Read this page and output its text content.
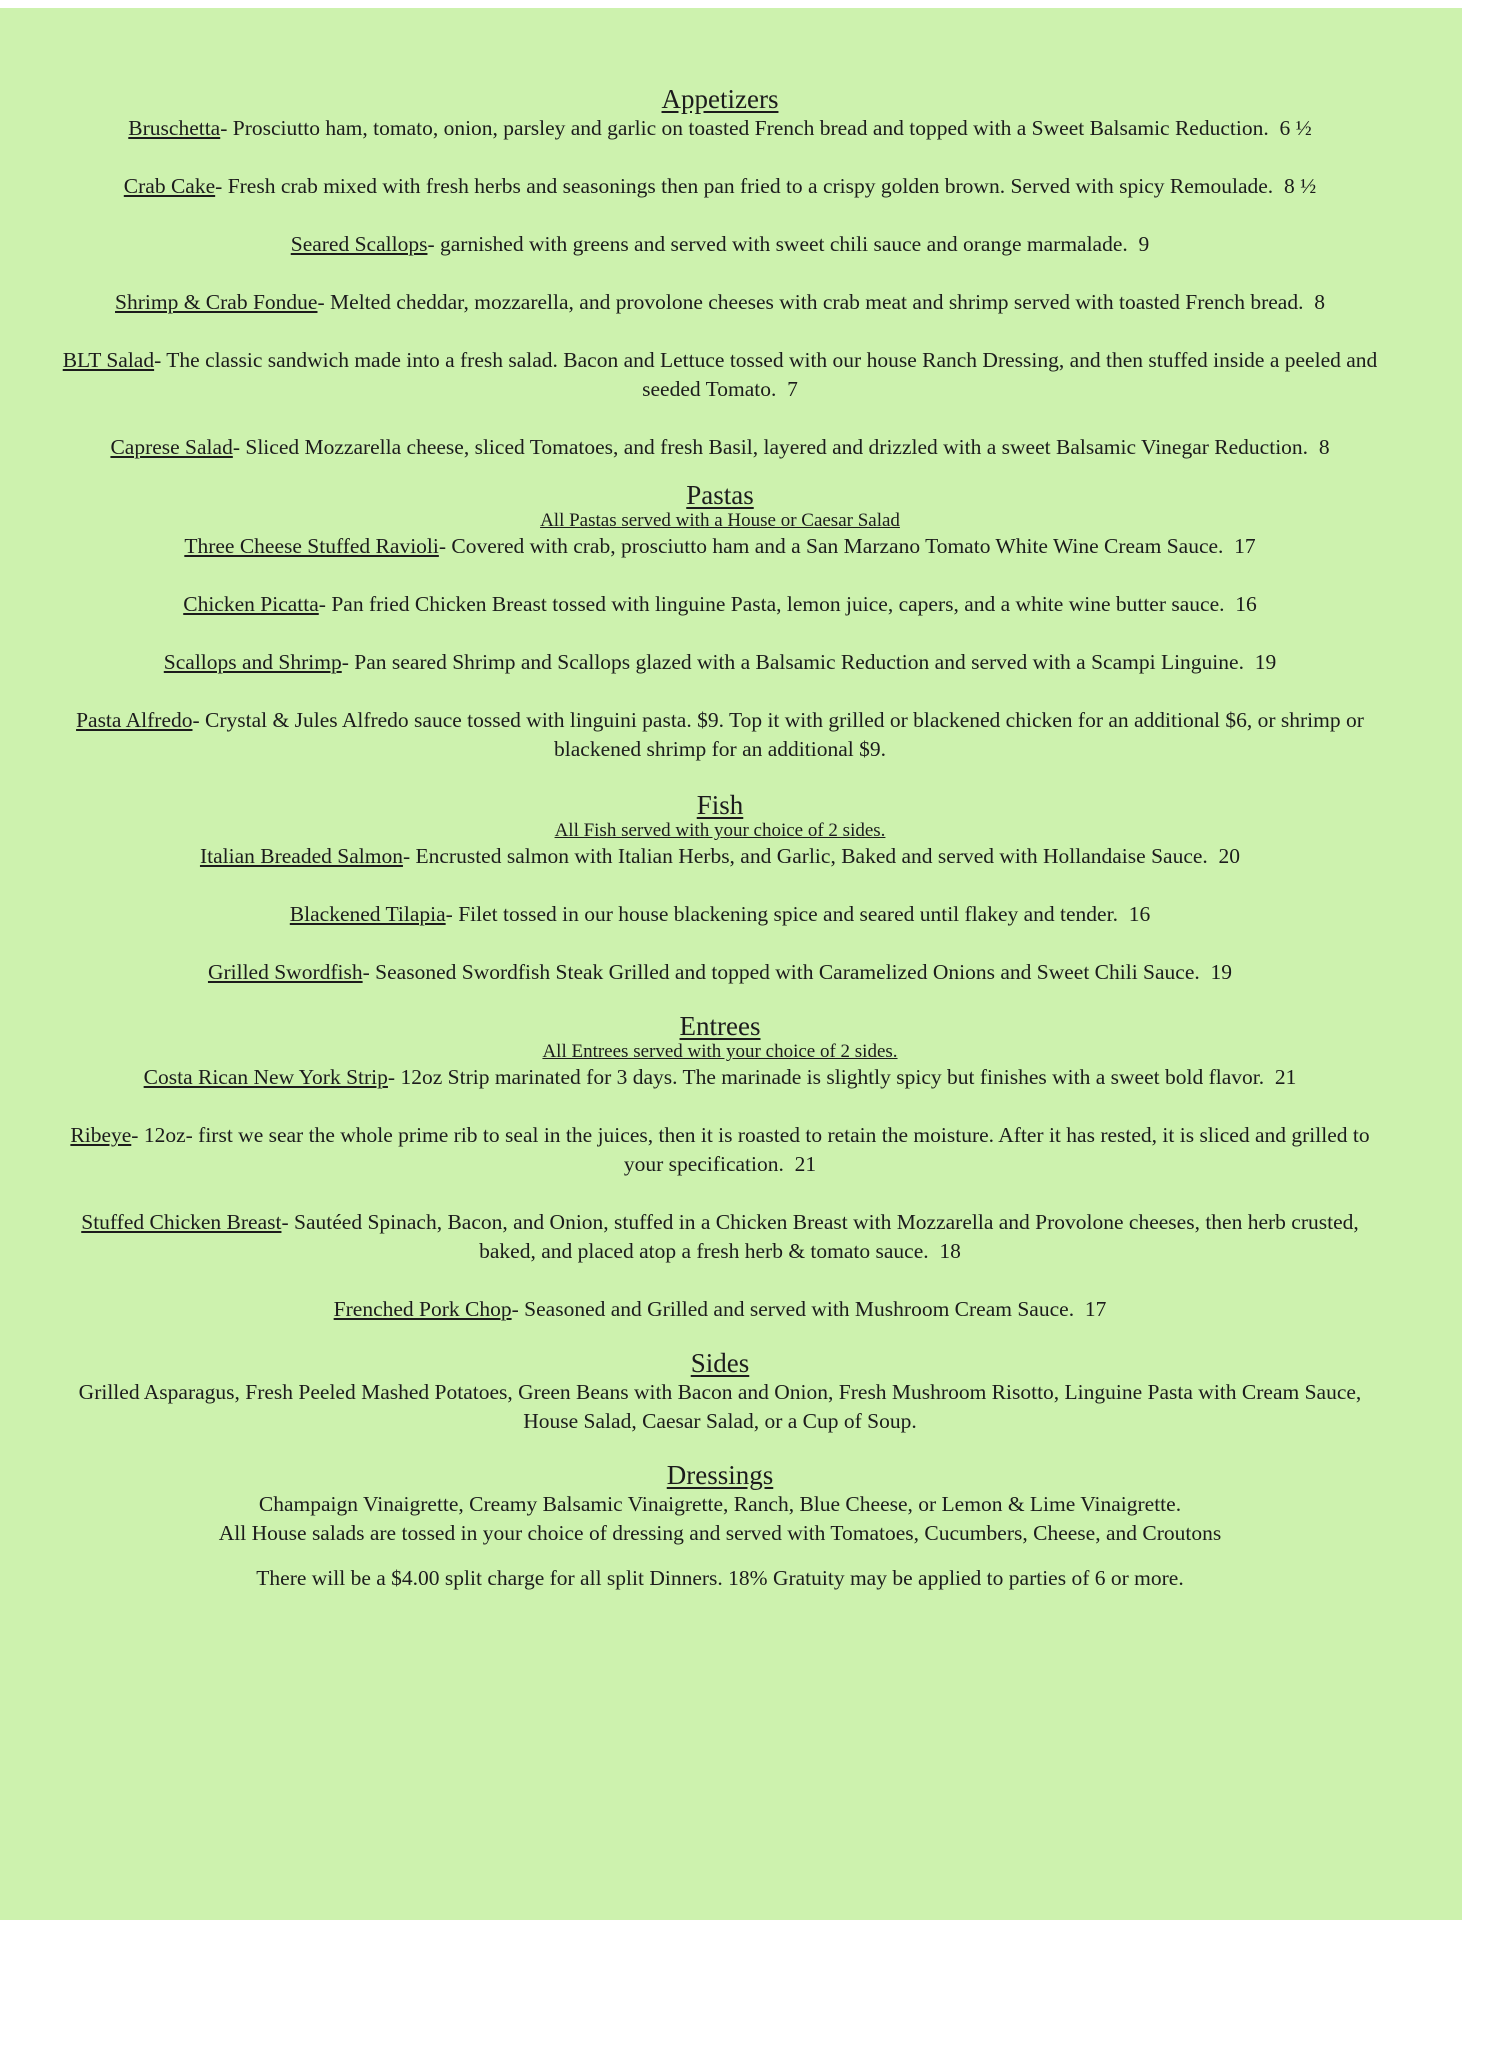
Appetizers

Bruschetta- Prosciutto ham, tomato, onion, parsley and garlic on toasted French bread and topped with a Sweet Balsamic Reduction. 6 ½

Crab Cake- Fresh crab mixed with fresh herbs and seasonings then pan fried to a crispy golden brown. Served with spicy Remoulade. 8 ½

Seared Scallops- garnished with greens and served with sweet chili sauce and orange marmalade. 9

Shrimp & Crab Fondue- Melted cheddar, mozzarella, and provolone cheeses with crab meat and shrimp served with toasted French bread. 8

BLT Salad- The classic sandwich made into a fresh salad. Bacon and Lettuce tossed with our house Ranch Dressing, and then stuffed inside a peeled and seeded Tomato. 7

Caprese Salad- Sliced Mozzarella cheese, sliced Tomatoes, and fresh Basil, layered and drizzled with a sweet Balsamic Vinegar Reduction. 8

Pastas

All Pastas served with a House or Caesar Salad

Three Cheese Stuffed Ravioli- Covered with crab, prosciutto ham and a San Marzano Tomato White Wine Cream Sauce. 17

Chicken Picatta- Pan fried Chicken Breast tossed with linguine Pasta, lemon juice, capers, and a white wine butter sauce. 16

Scallops and Shrimp- Pan seared Shrimp and Scallops glazed with a Balsamic Reduction and served with a Scampi Linguine. 19

Pasta Alfredo- Crystal & Jules Alfredo sauce tossed with linguini pasta. $9. Top it with grilled or blackened chicken for an additional $6, or shrimp or blackened shrimp for an additional $9.

Fish

All Fish served with your choice of 2 sides.

Italian Breaded Salmon- Encrusted salmon with Italian Herbs, and Garlic, Baked and served with Hollandaise Sauce. 20

Blackened Tilapia- Filet tossed in our house blackening spice and seared until flakey and tender. 16

Grilled Swordfish- Seasoned Swordfish Steak Grilled and topped with Caramelized Onions and Sweet Chili Sauce. 19

Entrees

All Entrees served with your choice of 2 sides.

Costa Rican New York Strip- 12oz Strip marinated for 3 days. The marinade is slightly spicy but finishes with a sweet bold flavor. 21

Ribeye- 12oz- first we sear the whole prime rib to seal in the juices, then it is roasted to retain the moisture. After it has rested, it is sliced and grilled to your specification. 21

Stuffed Chicken Breast- Sautéed Spinach, Bacon, and Onion, stuffed in a Chicken Breast with Mozzarella and Provolone cheeses, then herb crusted, baked, and placed atop a fresh herb & tomato sauce. 18

Frenched Pork Chop- Seasoned and Grilled and served with Mushroom Cream Sauce. 17

Sides

Grilled Asparagus, Fresh Peeled Mashed Potatoes, Green Beans with Bacon and Onion, Fresh Mushroom Risotto, Linguine Pasta with Cream Sauce, House Salad, Caesar Salad, or a Cup of Soup.

Dressings

Champaign Vinaigrette, Creamy Balsamic Vinaigrette, Ranch, Blue Cheese, or Lemon & Lime Vinaigrette.

All House salads are tossed in your choice of dressing and served with Tomatoes, Cucumbers, Cheese, and Croutons

There will be a $4.00 split charge for all split Dinners. 18% Gratuity may be applied to parties of 6 or more.
